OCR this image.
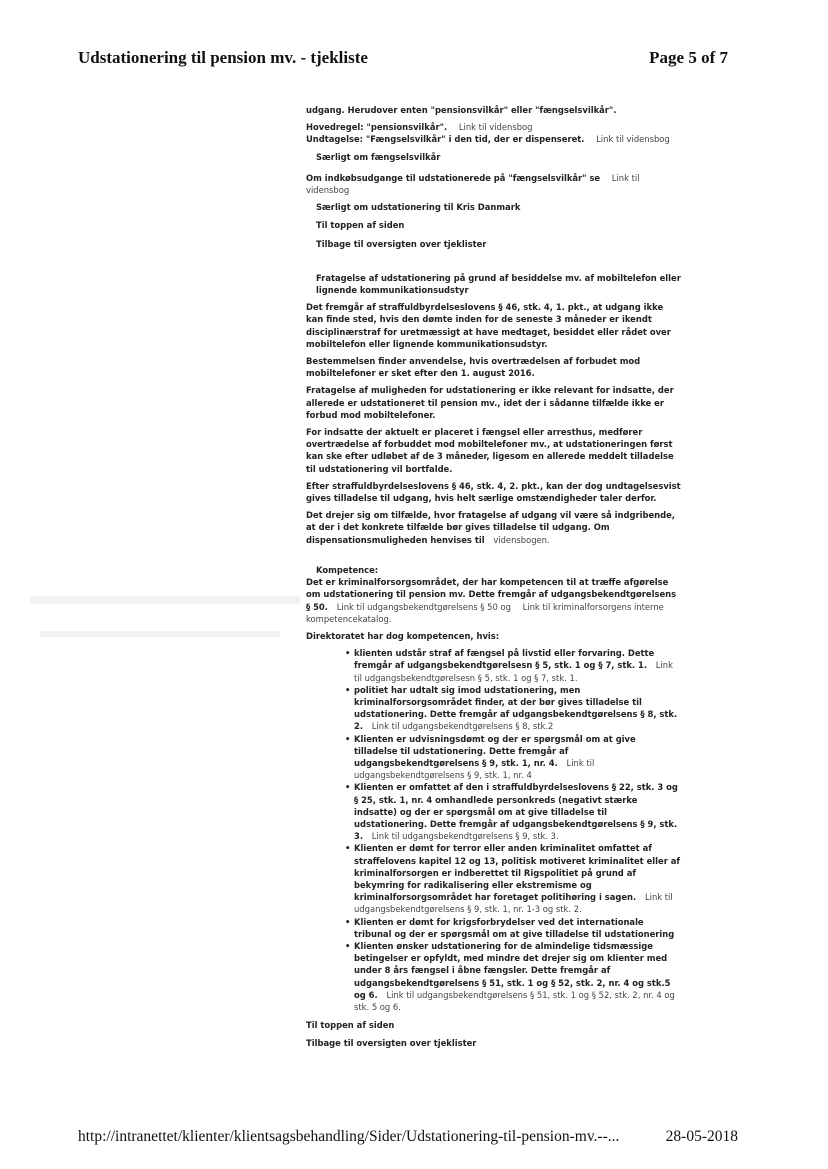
Udstationering til pension mv. - tjekliste	Page 5 of 7

udgang. Herudover enten "pensionsvilkår" eller "fængselsvilkår".

Hovedregel: "pensionsvilkår". Link til vidensbog

Undtagelse: "Fængselsvilkår" i den tid, der er dispenseret. Link til vidensbog

Særligt om fængselsvilkår

Om indkøbsudgange til udstationerede på "fængselsvilkår" se Link til vidensbog

Særligt om udstationering til Kris Danmark

Til toppen af siden

Tilbage til oversigten over tjeklister

Fratagelse af udstationering på grund af besiddelse mv. af mobiltelefon eller lignende kommunikationsudstyr

Det fremgår af straffuldbyrdelseslovens § 46, stk. 4, 1. pkt., at udgang ikke kan finde sted, hvis den dømte inden for de seneste 3 måneder er ikendt disciplinærstraf for uretmæssigt at have medtaget, besiddet eller rådet over mobiltelefon eller lignende kommunikationsudstyr.

Bestemmelsen finder anvendelse, hvis overtrædelsen af forbudet mod mobiltelefoner er sket efter den 1. august 2016.

Fratagelse af muligheden for udstationering er ikke relevant for indsatte, der allerede er udstationeret til pension mv., idet der i sådanne tilfælde ikke er forbud mod mobiltelefoner.

For indsatte der aktuelt er placeret i fængsel eller arresthus, medfører overtrædelse af forbuddet mod mobiltelefoner mv., at udstationeringen først kan ske efter udløbet af de 3 måneder, ligesom en allerede meddelt tilladelse til udstationering vil bortfalde.

Efter straffuldbyrdelseslovens § 46, stk. 4, 2. pkt., kan der dog undtagelsesvist gives tilladelse til udgang, hvis helt særlige omstændigheder taler derfor.

Det drejer sig om tilfælde, hvor fratagelse af udgang vil være så indgribende, at der i det konkrete tilfælde bør gives tilladelse til udgang. Om dispensationsmuligheden henvises til vidensbogen.

Kompetence:

Det er kriminalforsorgsområdet, der har kompetencen til at træffe afgørelse om udstationering til pension mv. Dette fremgår af udgangsbekendtgørelsens § 50. Link til udgangsbekendtgørelsens § 50 og Link til kriminalforsorgens interne kompetencekatalog.

Direktoratet har dog kompetencen, hvis:

• klienten udstår straf af fængsel på livstid eller forvaring. Dette fremgår af udgangsbekendtgørelsesn § 5, stk. 1 og § 7, stk. 1. Link til udgangsbekendtgørelsesn § 5, stk. 1 og § 7, stk. 1.
• politiet har udtalt sig imod udstationering, men kriminalforsorgsområdet finder, at der bør gives tilladelse til udstationering. Dette fremgår af udgangsbekendtgørelsens § 8, stk. 2. Link til udgangsbekendtgørelsens § 8, stk.2
• Klienten er udvisningsdømt og der er spørgsmål om at give tilladelse til udstationering. Dette fremgår af udgangsbekendtgørelsens § 9, stk. 1, nr. 4. Link til udgangsbekendtgørelsens § 9, stk. 1, nr. 4
• Klienten er omfattet af den i straffuldbyrdelseslovens § 22, stk. 3 og § 25, stk. 1, nr. 4 omhandlede personkreds (negativt stærke indsatte) og der er spørgsmål om at give tilladelse til udstationering. Dette fremgår af udgangsbekendtgørelsens § 9, stk. 3. Link til udgangsbekendtgørelsens § 9, stk. 3.
• Klienten er dømt for terror eller anden kriminalitet omfattet af straffelovens kapitel 12 og 13, politisk motiveret kriminalitet eller af kriminalforsorgen er indberettet til Rigspolitiet på grund af bekymring for radikalisering eller ekstremisme og kriminalforsorgsområdet har foretaget politihøring i sagen. Link til udgangsbekendtgørelsens § 9, stk. 1, nr. 1-3 og stk. 2.
• Klienten er dømt for krigsforbrydelser ved det internationale tribunal og der er spørgsmål om at give tilladelse til udstationering
• Klienten ønsker udstationering for de almindelige tidsmæssige betingelser er opfyldt, med mindre det drejer sig om klienter med under 8 års fængsel i åbne fængsler. Dette fremgår af udgangsbekendtgørelsens § 51, stk. 1 og § 52, stk. 2, nr. 4 og stk.5 og 6. Link til udgangsbekendtgørelsens § 51, stk. 1 og § 52, stk. 2, nr. 4 og stk. 5 og 6.

Til toppen af siden

Tilbage til oversigten over tjeklister

http://intranettet/klienter/klientsagsbehandling/Sider/Udstationering-til-pension-mv.--...	28-05-2018
